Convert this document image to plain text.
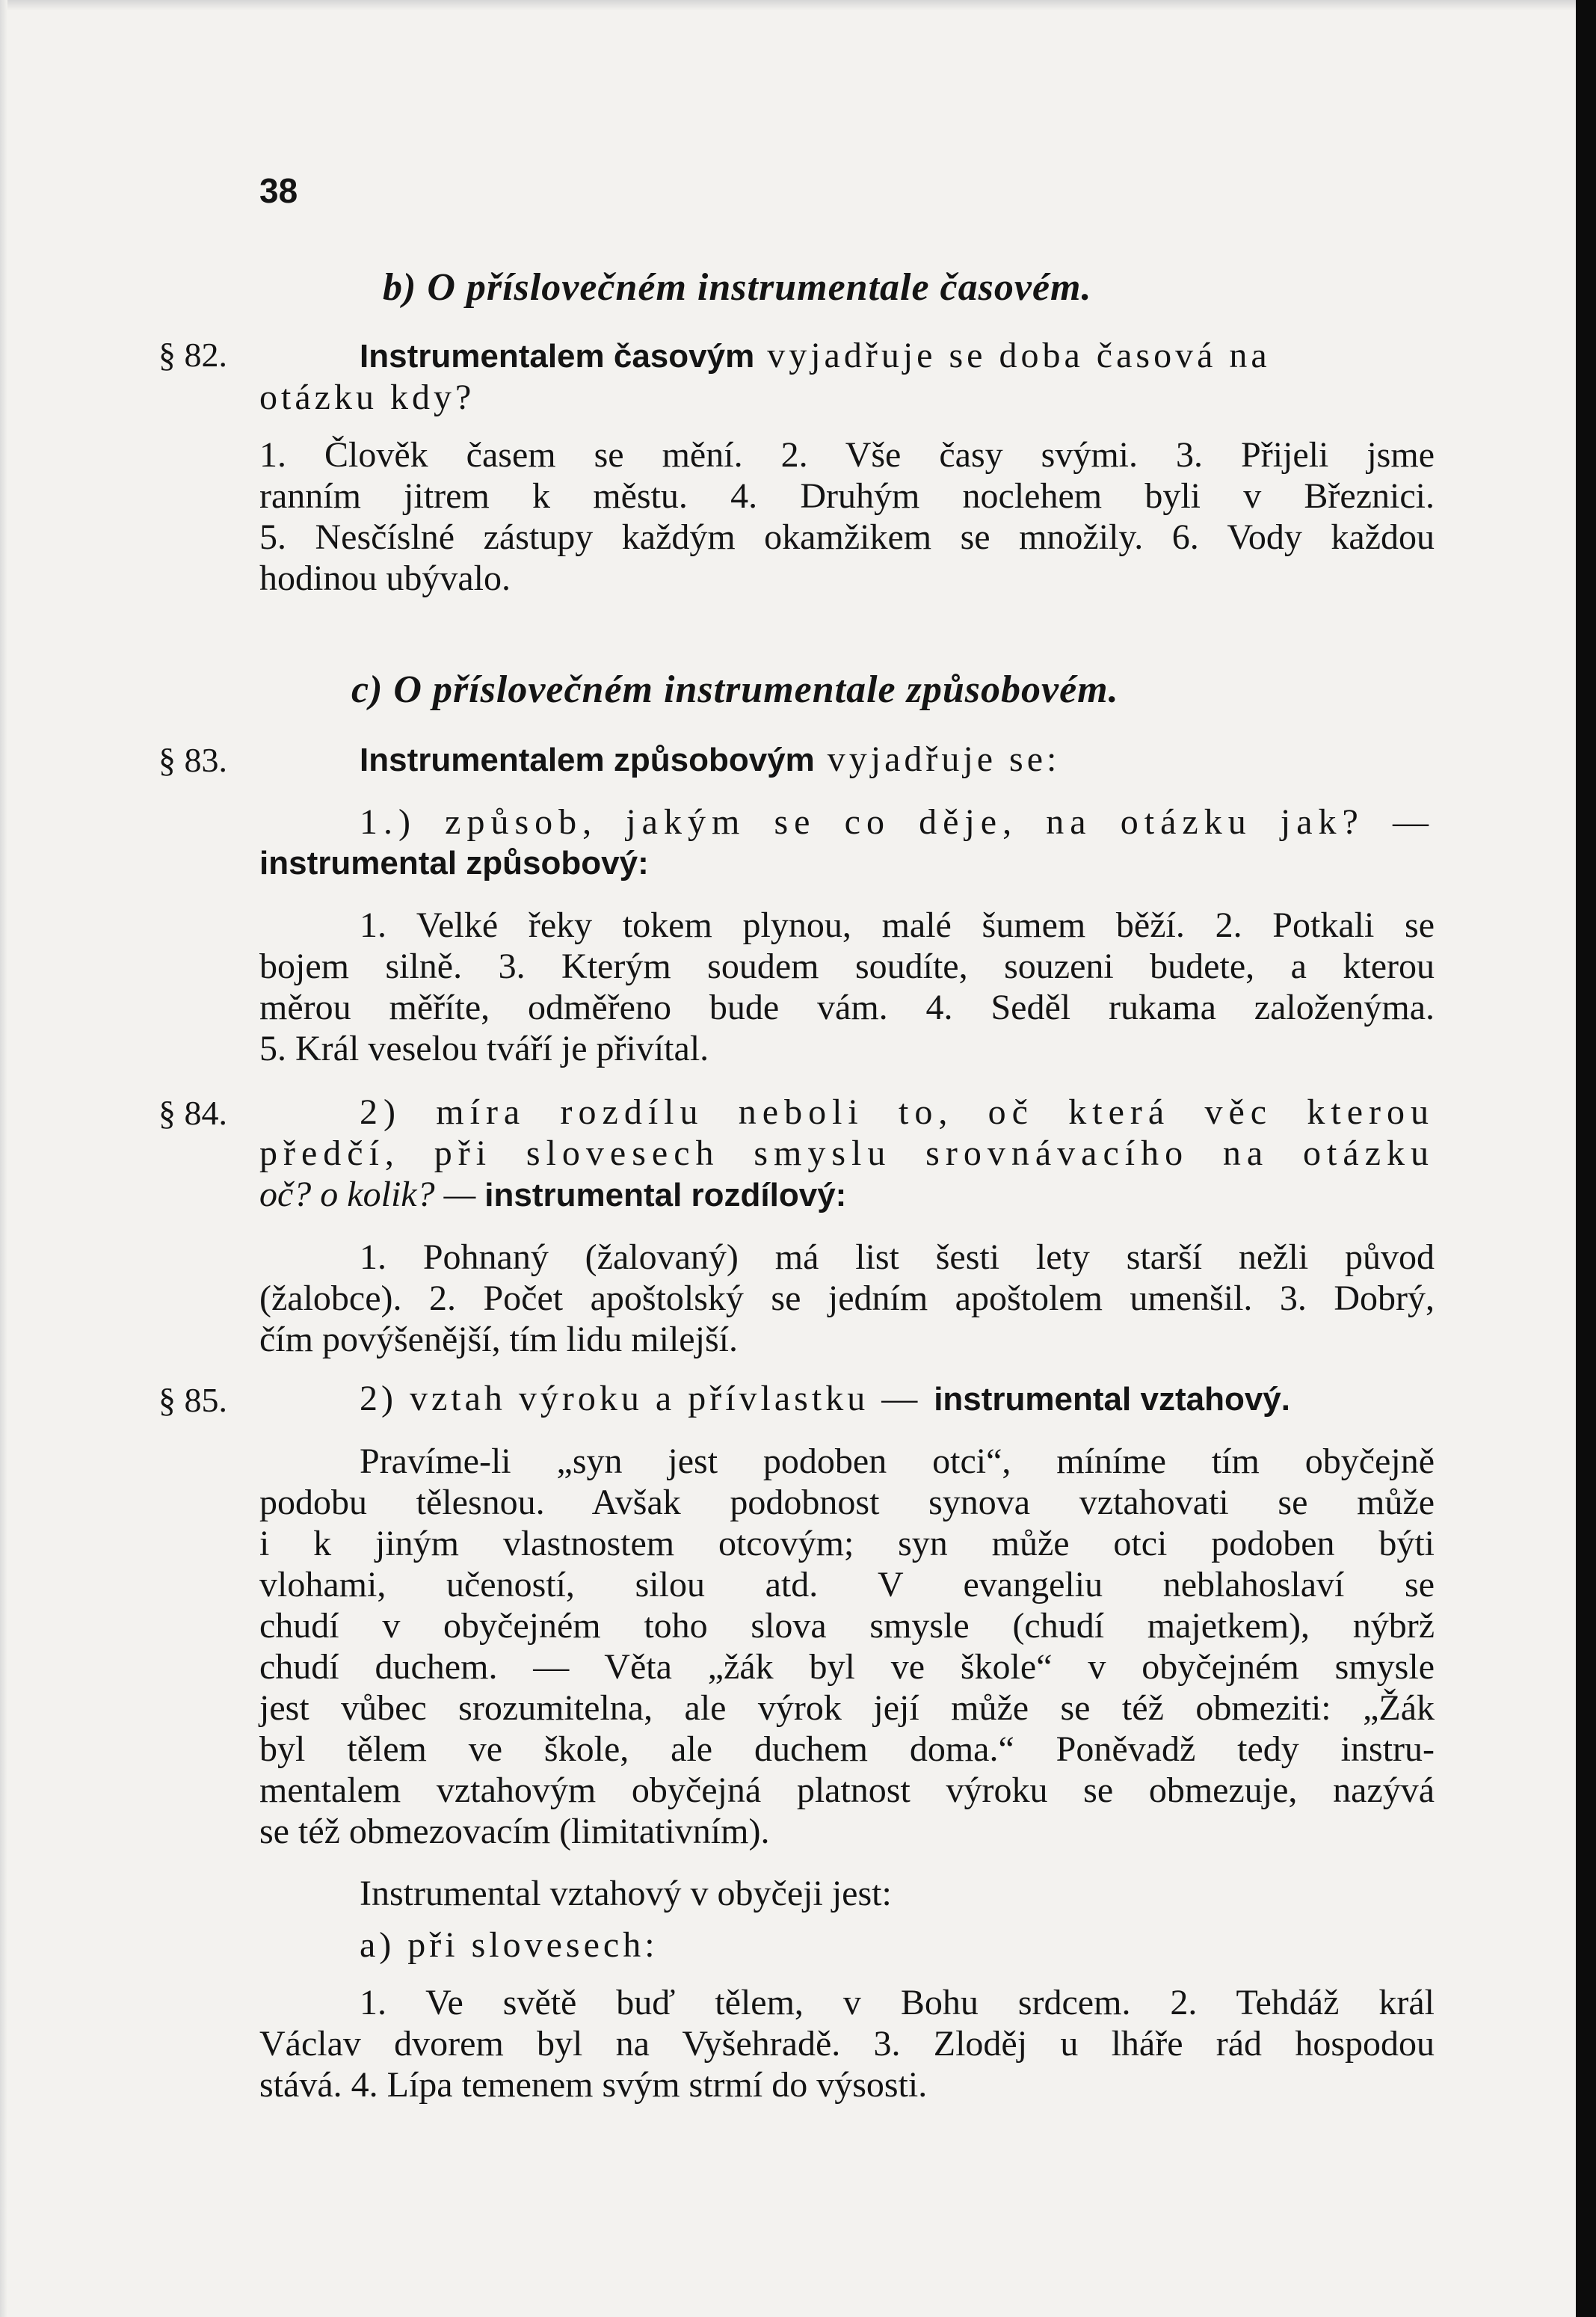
38
b) O příslovečném instrumentale časovém.
§ 82.	Instrumentalem časovým vyjadřuje se doba časová na
otázku kdy?
1. Člověk časem se mění. 2. Vše časy svými. 3. Přijeli jsme
ranním jitrem k městu. 4. Druhým noclehem byli v Březnici.
5. Nesčíslné zástupy každým okamžikem se množily. 6. Vody každou
hodinou ubývalo.
c) O příslovečném instrumentale způsobovém.
§ 83.	Instrumentalem způsobovým vyjadřuje se:
1.) způsob, jakým se co děje, na otázku jak? —
instrumental způsobový:
1. Velké řeky tokem plynou, malé šumem běží. 2. Potkali se
bojem silně. 3. Kterým soudem soudíte, souzeni budete, a kterou
měrou měříte, odměřeno bude vám. 4. Seděl rukama založenýma.
5. Král veselou tváří je přivítal.
§ 84.	2) míra rozdílu neboli to, oč která věc kterou
předčí, při slovesech smyslu srovnávacího na otázku
oč? o kolik? — instrumental rozdílový:
1. Pohnaný (žalovaný) má list šesti lety starší nežli původ
(žalobce). 2. Počet apoštolský se jedním apoštolem umenšil. 3. Dobrý,
čím povýšenější, tím lidu milejší.
§ 85.	2) vztah výroku a přívlastku — instrumental vztahový.
Pravíme-li „syn jest podoben otci“, míníme tím obyčejně
podobu tělesnou. Avšak podobnost synova vztahovati se může
i k jiným vlastnostem otcovým; syn může otci podoben býti
vlohami, učeností, silou atd. V evangeliu neblahoslaví se
chudí v obyčejném toho slova smysle (chudí majetkem), nýbrž
chudí duchem. — Věta „žák byl ve škole“ v obyčejném smysle
jest vůbec srozumitelna, ale výrok její může se též obmeziti: „Žák
byl tělem ve škole, ale duchem doma.“ Poněvadž tedy instru-
mentalem vztahovým obyčejná platnost výroku se obmezuje, nazývá
se též obmezovacím (limitativním).
Instrumental vztahový v obyčeji jest:
a) při slovesech:
1. Ve světě buď tělem, v Bohu srdcem. 2. Tehdáž král
Václav dvorem byl na Vyšehradě. 3. Zloděj u lháře rád hospodou
stává. 4. Lípa temenem svým strmí do výsosti.
